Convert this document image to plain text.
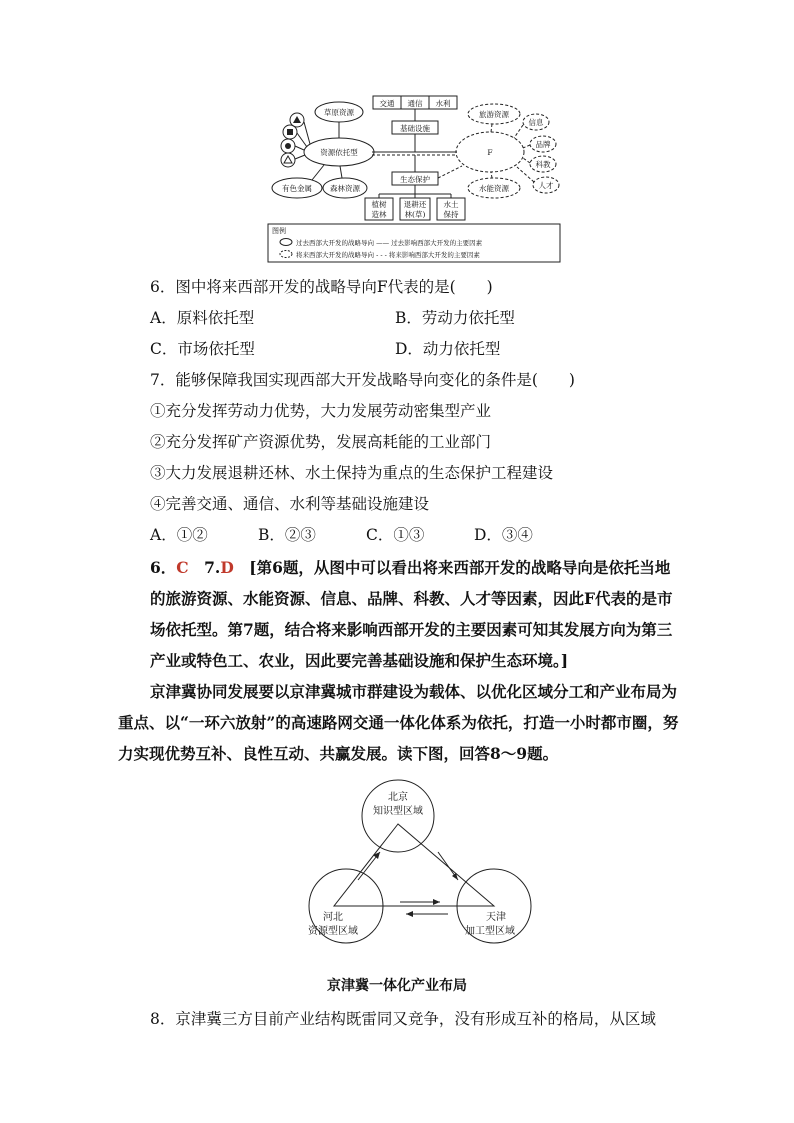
交通 通信 水利
基础设施
草原资源
资源依托型
有色金属 森林资源
F
旅游资源
水能资源
信息
品牌
科教
人才
生态保护
植树
造林
退耕还
林(草)
水土
保持
图例
过去西部大开发的战略导向 —— 过去影响西部大开发的主要因素
将来西部大开发的战略导向 - - - 将来影响西部大开发的主要因素
6．图中将来西部开发的战略导向F代表的是(　　)
A．原料依托型	B．劳动力依托型
C．市场依托型	D．动力依托型
7．能够保障我国实现西部大开发战略导向变化的条件是(　　)
①充分发挥劳动力优势，大力发展劳动密集型产业
②充分发挥矿产资源优势，发展高耗能的工业部门
③大力发展退耕还林、水土保持为重点的生态保护工程建设
④完善交通、通信、水利等基础设施建设
A．①②	B．②③	C．①③	D．③④
6．C　7.D　[第6题，从图中可以看出将来西部开发的战略导向是依托当地的旅游资源、水能资源、信息、品牌、科教、人才等因素，因此F代表的是市场依托型。第7题，结合将来影响西部开发的主要因素可知其发展方向为第三产业或特色工、农业，因此要完善基础设施和保护生态环境。]
京津冀协同发展要以京津冀城市群建设为载体、以优化区域分工和产业布局为重点、以“一环六放射”的高速路网交通一体化体系为依托，打造一小时都市圈，努力实现优势互补、良性互动、共赢发展。读下图，回答8～9题。
北京
知识型区域
河北
资源型区域
天津
加工型区域
京津冀一体化产业布局
8．京津冀三方目前产业结构既雷同又竞争，没有形成互补的格局，从区域
